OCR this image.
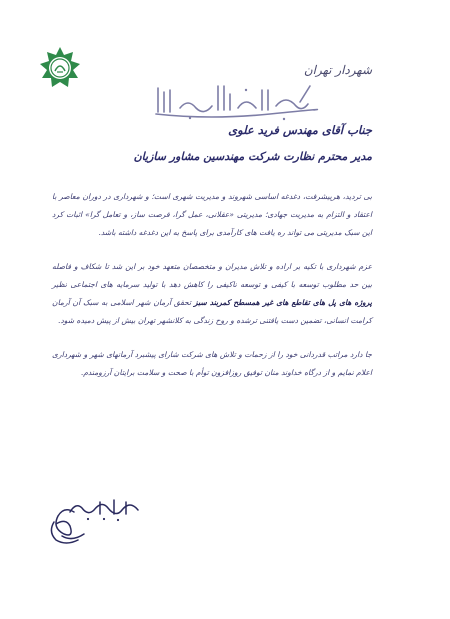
شهردار تهران
جناب آقای مهندس فرید علوی
مدیر محترم نظارت شرکت مهندسین مشاور سازیان

بی تردید، هرپیشرفت، دغدغه اساسی شهروند و مدیریت شهری است؛ و شهرداری در دوران معاصر با اعتقاد و التزام به مدیریت جهادی؛ مدیریتی «عقلانی، عمل گرا، فرصت ساز، و تعامل گرا» اثبات کرد این سبک مدیریتی می تواند ره یافت های کارآمدی برای پاسخ به این دغدغه داشته باشد.

عزم شهرداری با تکیه بر اراده و تلاش مدیران و متخصصان متعهد خود بر این شد تا شکاف و فاصله بین حد مطلوب توسعه با کیفی و توسعه ناکیفی را کاهش دهد با تولید سرمایه های اجتماعی نظیر پروژه های پل های تقاطع های غیر همسطح کمربند سبز تحقق آرمان شهر اسلامی به سبک آن آرمان کرامت انسانی، تضمین دست یافتنی ترشده و روح زندگی به کلانشهر تهران بیش از پیش دمیده شود.

جا دارد مراتب قدردانی خود را از زحمات و تلاش های شرکت شارای پیشبرد آرمانهای شهر و شهرداری اعلام نمایم و از درگاه خداوند منان توفیق روزافزون توأم با صحت و سلامت برایتان آرزومندم.
